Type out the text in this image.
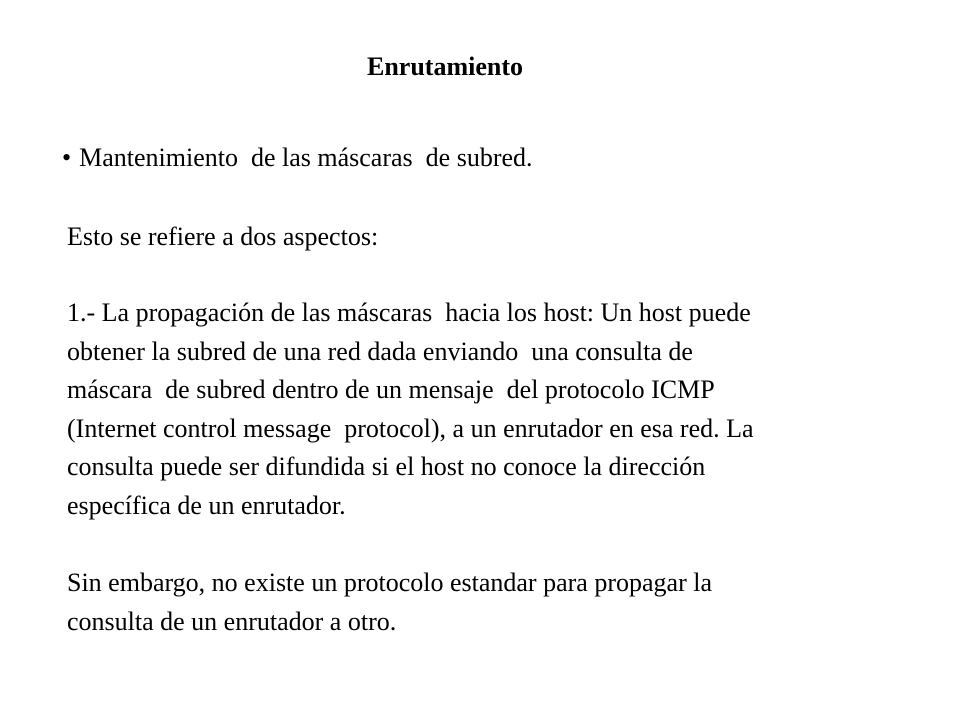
Enrutamiento
• Mantenimiento  de las máscaras  de subred.
Esto se refiere a dos aspectos:
1.- La propagación de las máscaras  hacia los host: Un host puede
obtener la subred de una red dada enviando  una consulta de
máscara  de subred dentro de un mensaje  del protocolo ICMP
(Internet control message  protocol), a un enrutador en esa red. La
consulta puede ser difundida si el host no conoce la dirección
específica de un enrutador.
Sin embargo, no existe un protocolo estandar para propagar la
consulta de un enrutador a otro.
